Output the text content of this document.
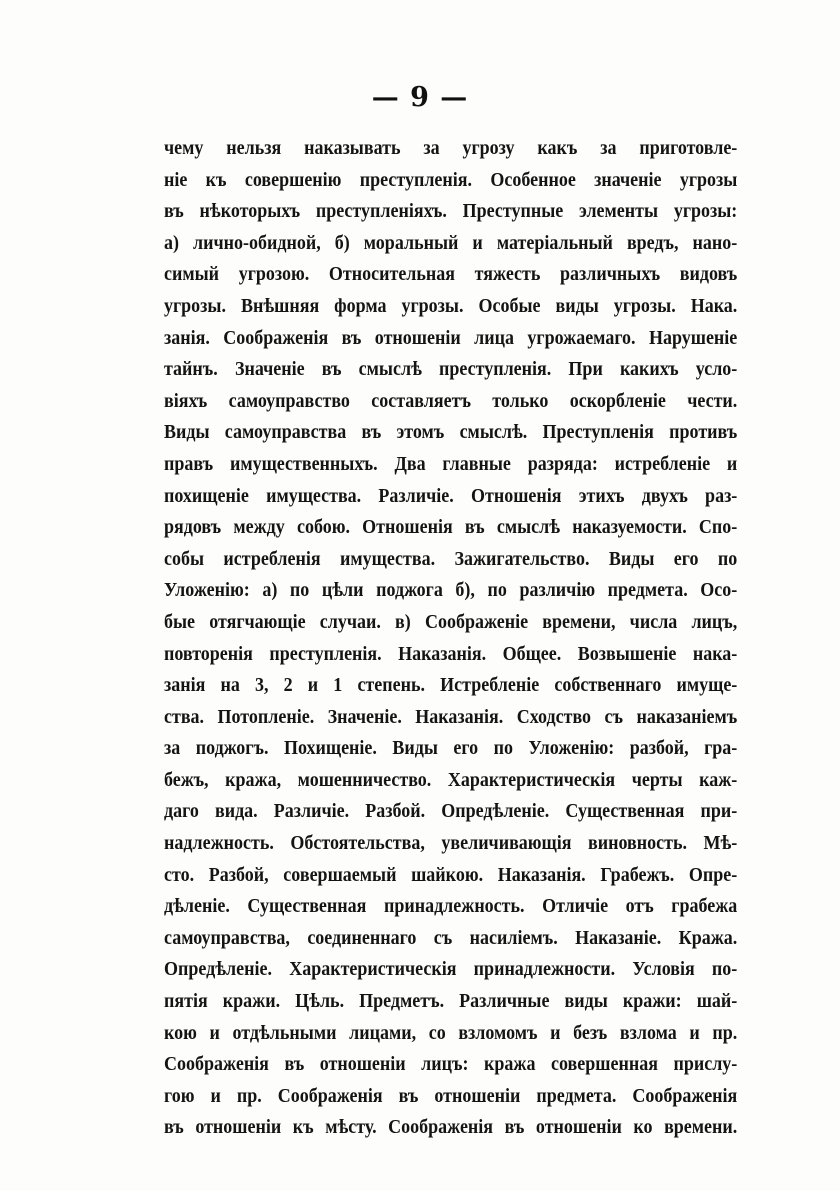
— 9 —
чему нельзя наказывать за угрозу какъ за приготовле-
ніе къ совершенію преступленія. Особенное значеніе угрозы
въ нѣкоторыхъ преступленіяхъ. Преступные элементы угрозы:
а) лично-обидной, б) моральный и матеріальный вредъ, нано-
симый угрозою. Относительная тяжесть различныхъ видовъ
угрозы. Внѣшняя форма угрозы. Особые виды угрозы. Нака.
занія. Соображенія въ отношенiи лица угрожаемаго. Нарушеніе
тайнъ. Значеніе въ смыслѣ преступленія. При какихъ усло-
віяхъ самоуправство составляетъ только оскорбленіе чести.
Виды самоуправства въ этомъ смыслѣ. Преступленія противъ
правъ имущественныхъ. Два главные разряда: истребленіе и
похищеніе имущества. Различіе. Отношенія этихъ двухъ раз-
рядовъ между собою. Отношенія въ смыслѣ наказуемости. Спо-
собы истребленія имущества. Зажигательство. Виды его по
Уложенію: а) по цѣли поджога б), по различію предмета. Осо-
бые отягчающіе случаи. в) Соображеніе времени, числа лицъ,
повторенія преступленія. Наказанія. Общее. Возвышеніе нака-
занія на 3, 2 и 1 степень. Истребленіе собственнаго имуще-
ства. Потопленіе. Значеніе. Наказанія. Сходство съ наказаніемъ
за поджогъ. Похищеніе. Виды его по Уложенію: разбой, гра-
бежъ, кража, мошенничество. Характеристическія черты каж-
даго вида. Различіе. Разбой. Опредѣленіе. Существенная при-
надлежность. Обстоятельства, увеличивающія виновность. Мѣ-
сто. Разбой, совершаемый шайкою. Наказанія. Грабежъ. Опре-
дѣленіе. Существенная принадлежность. Отличіе отъ грабежа
самоуправства, соединеннаго съ насиліемъ. Наказаніе. Кража.
Опредѣленіе. Характеристическія принадлежности. Условія по-
пятія кражи. Цѣль. Предметъ. Различные виды кражи: шай-
кою и отдѣльными лицами, со взломомъ и безъ взлома и пр.
Соображенія въ отношеніи лицъ: кража совершенная прислу-
гою и пр. Соображенія въ отношеніи предмета. Соображенія
въ отношеніи къ мѣсту. Соображенія въ отношеніи ко времени.
